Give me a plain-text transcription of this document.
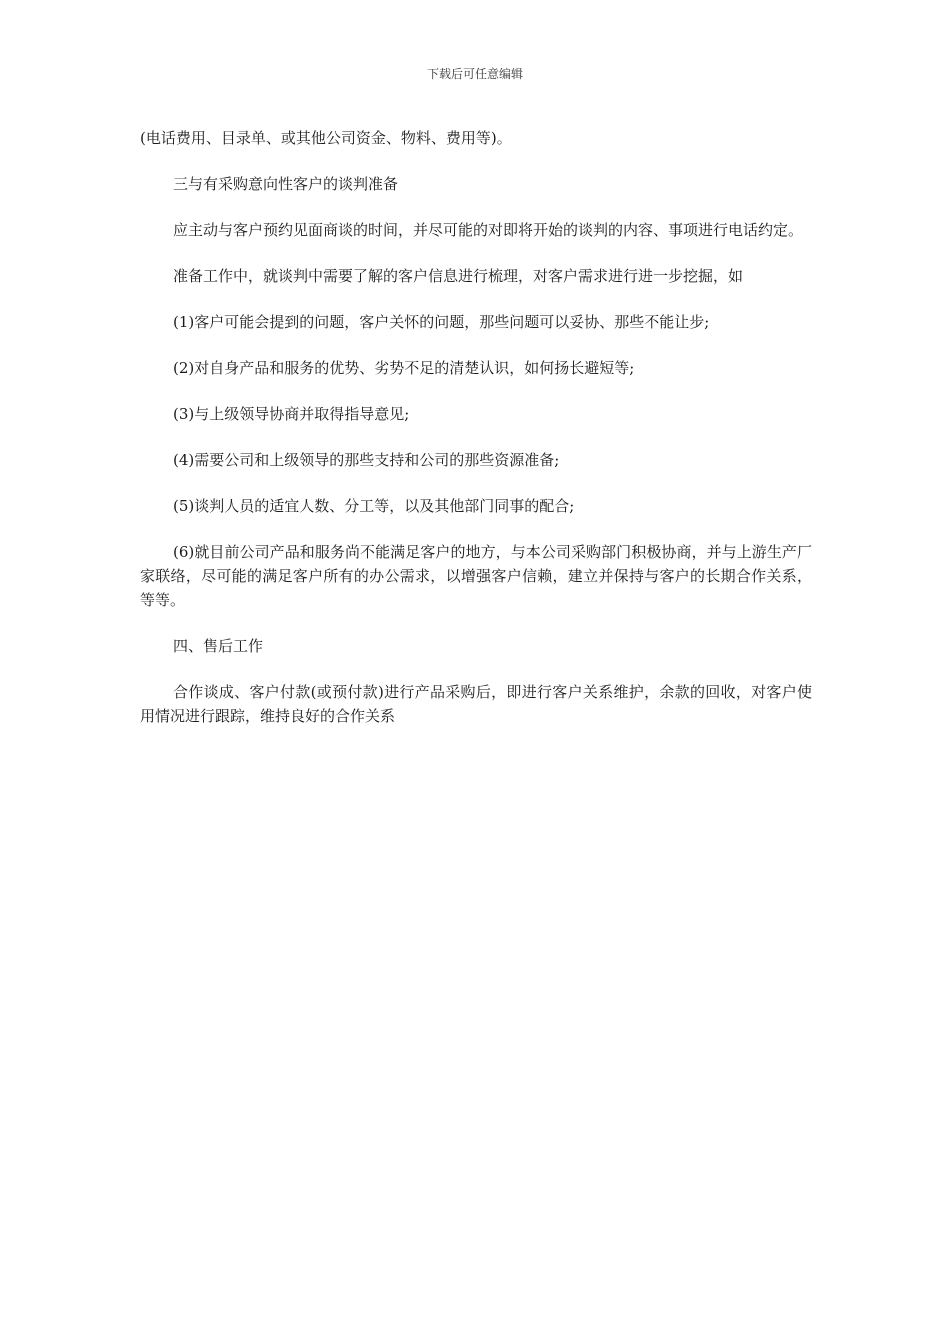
下载后可任意编辑

(电话费用、目录单、或其他公司资金、物料、费用等)。

三与有采购意向性客户的谈判准备

应主动与客户预约见面商谈的时间，并尽可能的对即将开始的谈判的内容、事项进行电话约定。

准备工作中，就谈判中需要了解的客户信息进行梳理，对客户需求进行进一步挖掘，如

(1)客户可能会提到的问题，客户关怀的问题，那些问题可以妥协、那些不能让步;

(2)对自身产品和服务的优势、劣势不足的清楚认识，如何扬长避短等;

(3)与上级领导协商并取得指导意见;

(4)需要公司和上级领导的那些支持和公司的那些资源准备;

(5)谈判人员的适宜人数、分工等，以及其他部门同事的配合;

(6)就目前公司产品和服务尚不能满足客户的地方，与本公司采购部门积极协商，并与上游生产厂家联络，尽可能的满足客户所有的办公需求，以增强客户信赖，建立并保持与客户的长期合作关系，等等。

四、售后工作

合作谈成、客户付款(或预付款)进行产品采购后，即进行客户关系维护，余款的回收，对客户使用情况进行跟踪，维持良好的合作关系
